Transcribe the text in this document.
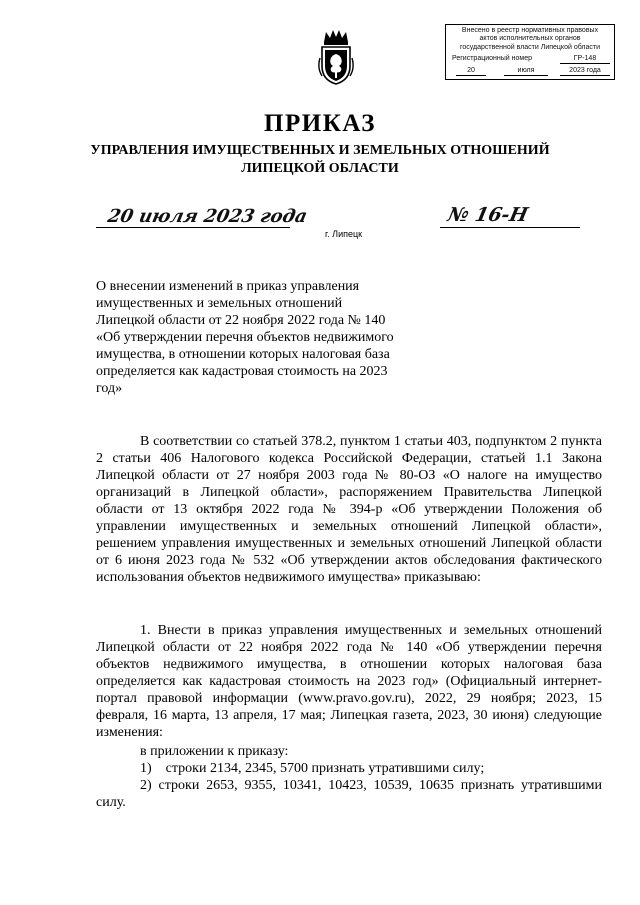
Внесено в реестр нормативных правовых
актов исполнительных органов
государственной власти Липецкой области
Регистрационный номер	ГР-148
20	июля	2023 года
ПРИКАЗ
УПРАВЛЕНИЯ ИМУЩЕСТВЕННЫХ И ЗЕМЕЛЬНЫХ ОТНОШЕНИЙ
ЛИПЕЦКОЙ ОБЛАСТИ
20 июля 2023 года	№ 16-Н
г. Липецк
О внесении изменений в приказ управления имущественных и земельных отношений Липецкой области от 22 ноября 2022 года № 140 «Об утверждении перечня объектов недвижимого имущества, в отношении которых налоговая база определяется как кадастровая стоимость на 2023 год»
В соответствии со статьей 378.2, пунктом 1 статьи 403, подпунктом 2 пункта 2 статьи 406 Налогового кодекса Российской Федерации, статьей 1.1 Закона Липецкой области от 27 ноября 2003 года № 80-ОЗ «О налоге на имущество организаций в Липецкой области», распоряжением Правительства Липецкой области от 13 октября 2022 года № 394-р «Об утверждении Положения об управлении имущественных и земельных отношений Липецкой области», решением управления имущественных и земельных отношений Липецкой области от 6 июня 2023 года № 532 «Об утверждении актов обследования фактического использования объектов недвижимого имущества» приказываю:
1. Внести в приказ управления имущественных и земельных отношений Липецкой области от 22 ноября 2022 года № 140 «Об утверждении перечня объектов недвижимого имущества, в отношении которых налоговая база определяется как кадастровая стоимость на 2023 год» (Официальный интернет-портал правовой информации (www.pravo.gov.ru), 2022, 29 ноября; 2023, 15 февраля, 16 марта, 13 апреля, 17 мая; Липецкая газета, 2023, 30 июня) следующие изменения:
в приложении к приказу:
1)    строки 2134, 2345, 5700 признать утратившими силу;
2) строки 2653, 9355, 10341, 10423, 10539, 10635 признать утратившими силу.
